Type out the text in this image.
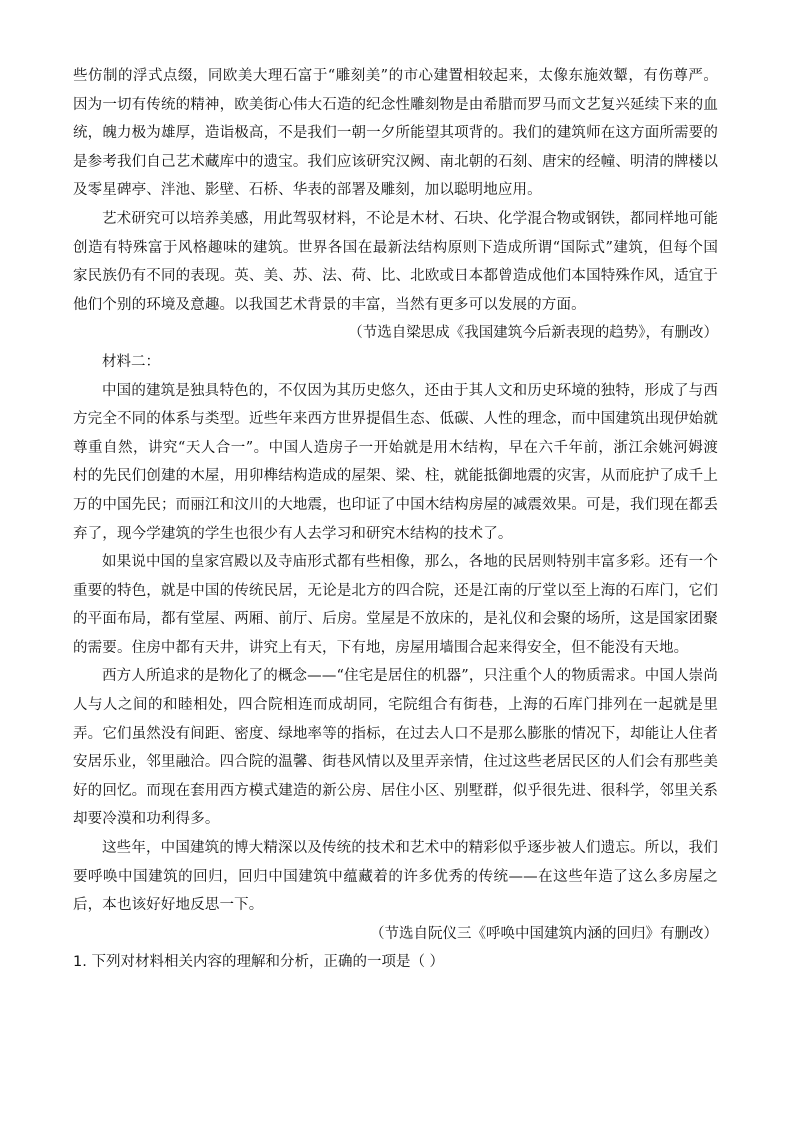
些仿制的浮式点缀，同欧美大理石富于“雕刻美”的市心建置相较起来，太像东施效颦，有伤尊严。因为一切有传统的精神，欧美街心伟大石造的纪念性雕刻物是由希腊而罗马而文艺复兴延续下来的血统，魄力极为雄厚，造诣极高，不是我们一朝一夕所能望其项背的。我们的建筑师在这方面所需要的是参考我们自己艺术藏库中的遗宝。我们应该研究汉阙、南北朝的石刻、唐宋的经幢、明清的牌楼以及零星碑亭、泮池、影壁、石桥、华表的部署及雕刻，加以聪明地应用。

艺术研究可以培养美感，用此驾驭材料，不论是木材、石块、化学混合物或钢铁，都同样地可能创造有特殊富于风格趣味的建筑。世界各国在最新法结构原则下造成所谓“国际式”建筑，但每个国家民族仍有不同的表现。英、美、苏、法、荷、比、北欧或日本都曾造成他们本国特殊作风，适宜于他们个别的环境及意趣。以我国艺术背景的丰富，当然有更多可以发展的方面。

（节选自梁思成《我国建筑今后新表现的趋势》，有删改）

材料二：

中国的建筑是独具特色的，不仅因为其历史悠久，还由于其人文和历史环境的独特，形成了与西方完全不同的体系与类型。近些年来西方世界提倡生态、低碳、人性的理念，而中国建筑出现伊始就尊重自然，讲究“天人合一”。中国人造房子一开始就是用木结构，早在六千年前，浙江余姚河姆渡村的先民们创建的木屋，用卯榫结构造成的屋架、梁、柱，就能抵御地震的灾害，从而庇护了成千上万的中国先民；而丽江和汶川的大地震，也印证了中国木结构房屋的减震效果。可是，我们现在都丢弃了，现今学建筑的学生也很少有人去学习和研究木结构的技术了。

如果说中国的皇家宫殿以及寺庙形式都有些相像，那么，各地的民居则特别丰富多彩。还有一个重要的特色，就是中国的传统民居，无论是北方的四合院，还是江南的厅堂以至上海的石库门，它们的平面布局，都有堂屋、两厢、前厅、后房。堂屋是不放床的，是礼仪和会聚的场所，这是国家团聚的需要。住房中都有天井，讲究上有天，下有地，房屋用墙围合起来得安全，但不能没有天地。

西方人所追求的是物化了的概念——“住宅是居住的机器”，只注重个人的物质需求。中国人崇尚人与人之间的和睦相处，四合院相连而成胡同，宅院组合有街巷，上海的石库门排列在一起就是里弄。它们虽然没有间距、密度、绿地率等的指标，在过去人口不是那么膨胀的情况下，却能让人住者安居乐业，邻里融洽。四合院的温馨、街巷风情以及里弄亲情，住过这些老居民区的人们会有那些美好的回忆。而现在套用西方模式建造的新公房、居住小区、别墅群，似乎很先进、很科学，邻里关系却要冷漠和功利得多。

这些年，中国建筑的博大精深以及传统的技术和艺术中的精彩似乎逐步被人们遗忘。所以，我们要呼唤中国建筑的回归，回归中国建筑中蕴藏着的许多优秀的传统——在这些年造了这么多房屋之后，本也该好好地反思一下。

（节选自阮仪三《呼唤中国建筑内涵的回归》有删改）

1. 下列对材料相关内容的理解和分析，正确的一项是（ ）
